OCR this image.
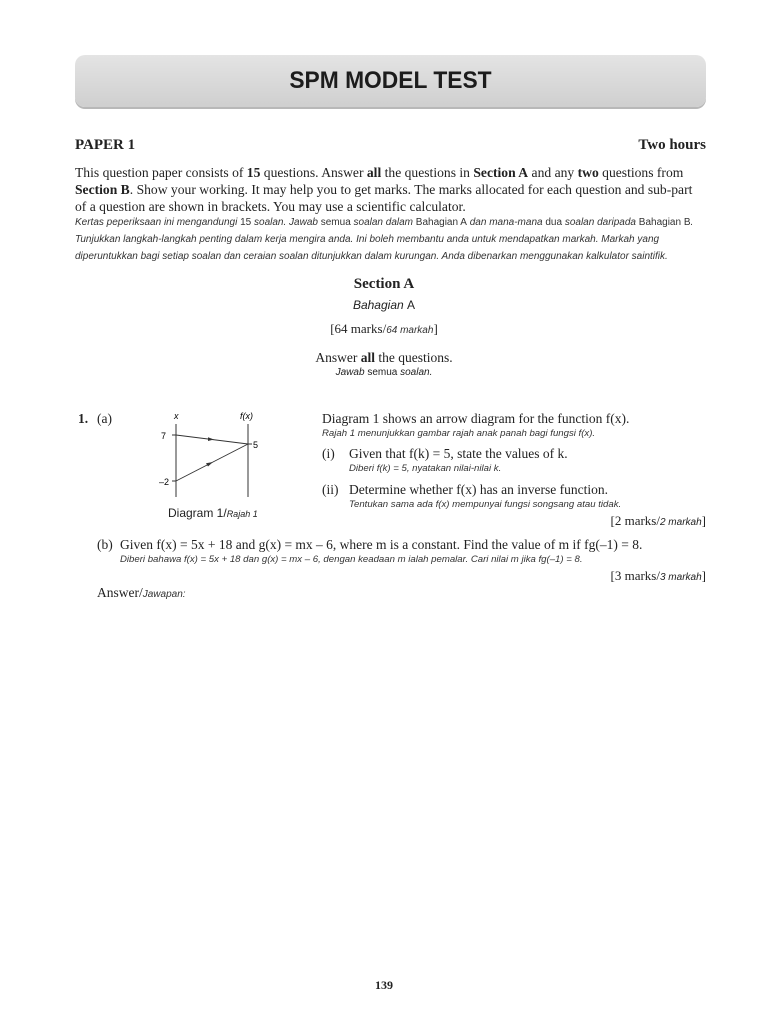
SPM MODEL TEST
PAPER 1	Two hours
This question paper consists of 15 questions. Answer all the questions in Section A and any two questions from Section B. Show your working. It may help you to get marks. The marks allocated for each question and sub-part of a question are shown in brackets. You may use a scientific calculator.
Kertas peperiksaan ini mengandungi 15 soalan. Jawab semua soalan dalam Bahagian A dan mana-mana dua soalan daripada Bahagian B. Tunjukkan langkah-langkah penting dalam kerja mengira anda. Ini boleh membantu anda untuk mendapatkan markah. Markah yang diperuntukkan bagi setiap soalan dan ceraian soalan ditunjukkan dalam kurungan. Anda dibenarkan menggunakan kalkulator saintifik.
Section A
Bahagian A
[64 marks/64 markah]
Answer all the questions.
Jawab semua soalan.
1. (a)	x	f(x)
7
–2
5
Diagram 1/Rajah 1
Diagram 1 shows an arrow diagram for the function f(x).
Rajah 1 menunjukkan gambar rajah anak panah bagi fungsi f(x).
(i) Given that f(k) = 5, state the values of k.
Diberi f(k) = 5, nyatakan nilai-nilai k.
(ii) Determine whether f(x) has an inverse function.
Tentukan sama ada f(x) mempunyai fungsi songsang atau tidak.
[2 marks/2 markah]
(b) Given f(x) = 5x + 18 and g(x) = mx – 6, where m is a constant. Find the value of m if fg(–1) = 8.
Diberi bahawa f(x) = 5x + 18 dan g(x) = mx – 6, dengan keadaan m ialah pemalar. Cari nilai m jika fg(–1) = 8.
[3 marks/3 markah]
Answer/Jawapan:
139
